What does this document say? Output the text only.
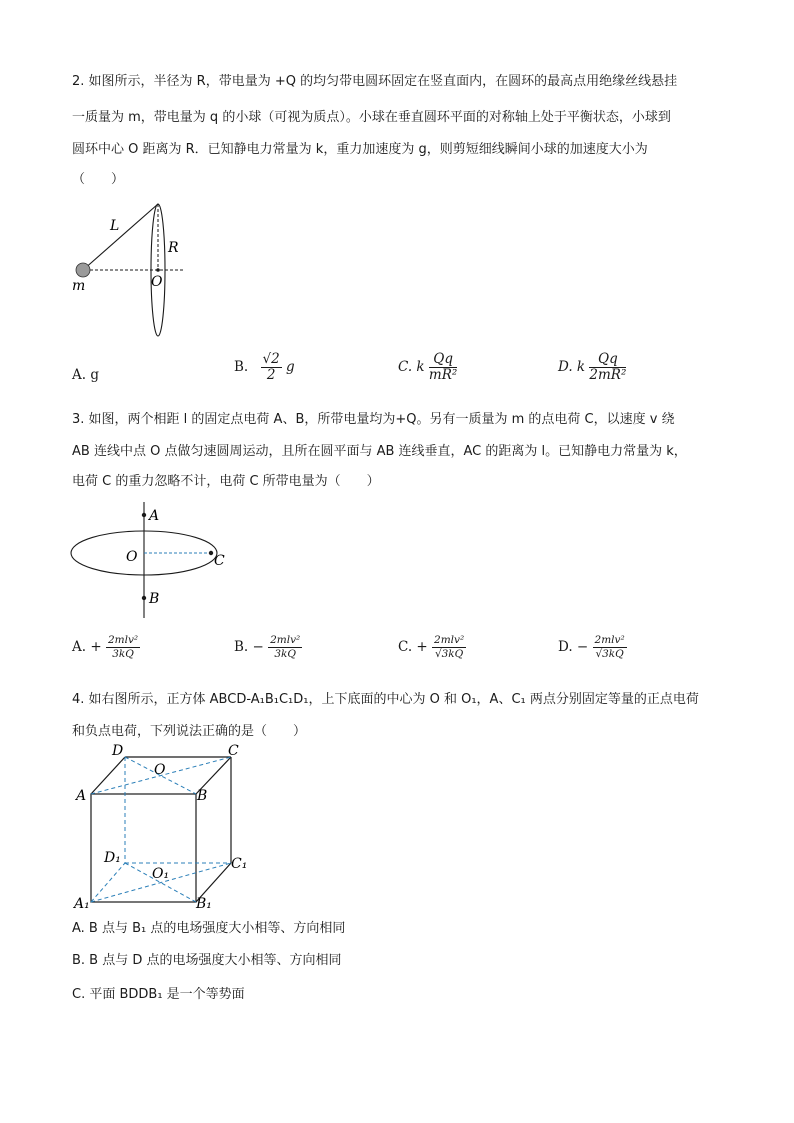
2. 如图所示，半径为 R，带电量为 +Q 的均匀带电圆环固定在竖直面内，在圆环的最高点用绝缘丝线悬挂
一质量为 m，带电量为 q 的小球（可视为质点）。小球在垂直圆环平面的对称轴上处于平衡状态，小球到
圆环中心 O 距离为 R．已知静电力常量为 k，重力加速度为 g，则剪短细线瞬间小球的加速度大小为
（　　）
L
R
O
m
A. g	B. $\frac{√2}{2}$ g	C. k $\frac{Qq}{\text{mR²}}$	D. k $\frac{Qq}{\text{2mR²}}$
3. 如图，两个相距 l 的固定点电荷 A、B，所带电量均为+Q。另有一质量为 m 的点电荷 C，以速度 v 绕
AB 连线中点 O 点做匀速圆周运动，且所在圆平面与 AB 连线垂直，AC 的距离为 l。已知静电力常量为 k，
电荷 C 的重力忽略不计，电荷 C 所带电量为（　　）
A
O	C
B
A. + $\frac{\text{2mlv²}}{3kQ}$	B. − $\frac{\text{2mlv²}}{3kQ}$	C. + $\frac{\text{2mlv²}}{√3kQ}$	D. − $\frac{\text{2mlv²}}{√3kQ}$
4. 如右图所示，正方体 ABCD-A₁B₁C₁D₁，上下底面的中心为 O 和 O₁，A、C₁ 两点分别固定等量的正点电荷
和负点电荷，下列说法正确的是（　　）
D	C
O
A	B
D₁	C₁
O₁
A₁	B₁
A. B 点与 B₁ 点的电场强度大小相等、方向相同
B. B 点与 D 点的电场强度大小相等、方向相同
C. 平面 BDDB₁ 是一个等势面
